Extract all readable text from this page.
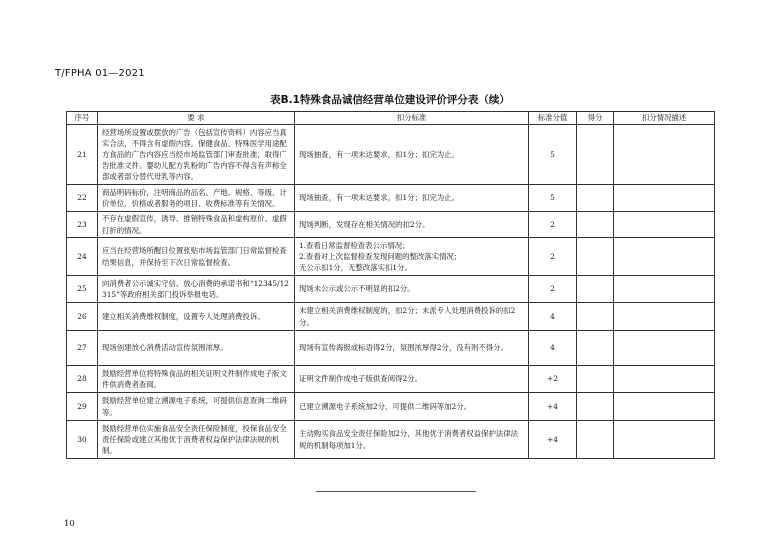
T/FPHA 01—2021
表B.1特殊食品诚信经营单位建设评价评分表（续）
序号	要 求	扣分标准	标准分值	得分	扣分情况描述
21	经营场所设置或摆放的广告（包括宣传资料）内容应当真实合法，不得含有虚假内容。保健食品、特殊医学用途配方食品的广告内容应当经市场监管部门审查批准，取得广告批准文件。婴幼儿配方乳粉的广告内容不得含有声称全部或者部分替代母乳等内容。	现场抽查，有一项未达要求，扣1分；扣完为止。	5		
22	商品明码标价，注明商品的品名、产地、规格、等级、计价单位、价格或者服务的项目、收费标准等有关情况。	现场抽查，有一项未达要求，扣1分；扣完为止。	5		
23	不存在虚假宣传，诱导、推销特殊食品和虚构原价、虚假打折的情况。	现场判断，发现存在相关情况的扣2分。	2		
24	应当在经营场所醒目位置张贴市场监管部门日常监督检查结果信息，并保持至下次日常监督检查。	1.查看日常监督检查表公示情况；
2.查看对上次监督检查发现问题的整改落实情况；
无公示扣1分，无整改落实扣1分。	2		
25	向消费者公示诚实守信、放心消费的承诺书和“12345/12315”等政府相关部门投诉举报电话。	现场未公示或公示不明显的扣2分。	2		
26	建立相关消费维权制度，设置专人处理消费投诉。	未建立相关消费维权制度的，扣2分；未派专人处理消费投诉的扣2分。	4		
27	现场创建放心消费活动宣传氛围浓厚。	现场有宣传海报或标语得2分，氛围浓厚得2分，没有则不得分。	4		
28	鼓励经营单位将特殊食品的相关证明文件制作成电子版文件供消费者查阅。	证明文件制作成电子版供查阅得2分。	+2		
29	鼓励经营单位建立溯源电子系统，可提供信息查询二维码等。	已建立溯源电子系统加2分，可提供二维码等加2分。	+4		
30	鼓励经营单位实施食品安全责任保险制度，投保食品安全责任保险或建立其他优于消费者权益保护法律法规的机制。	主动购买食品安全责任保险加2分，其他优于消费者权益保护法律法规的机制每项加1分。	+4		
10
